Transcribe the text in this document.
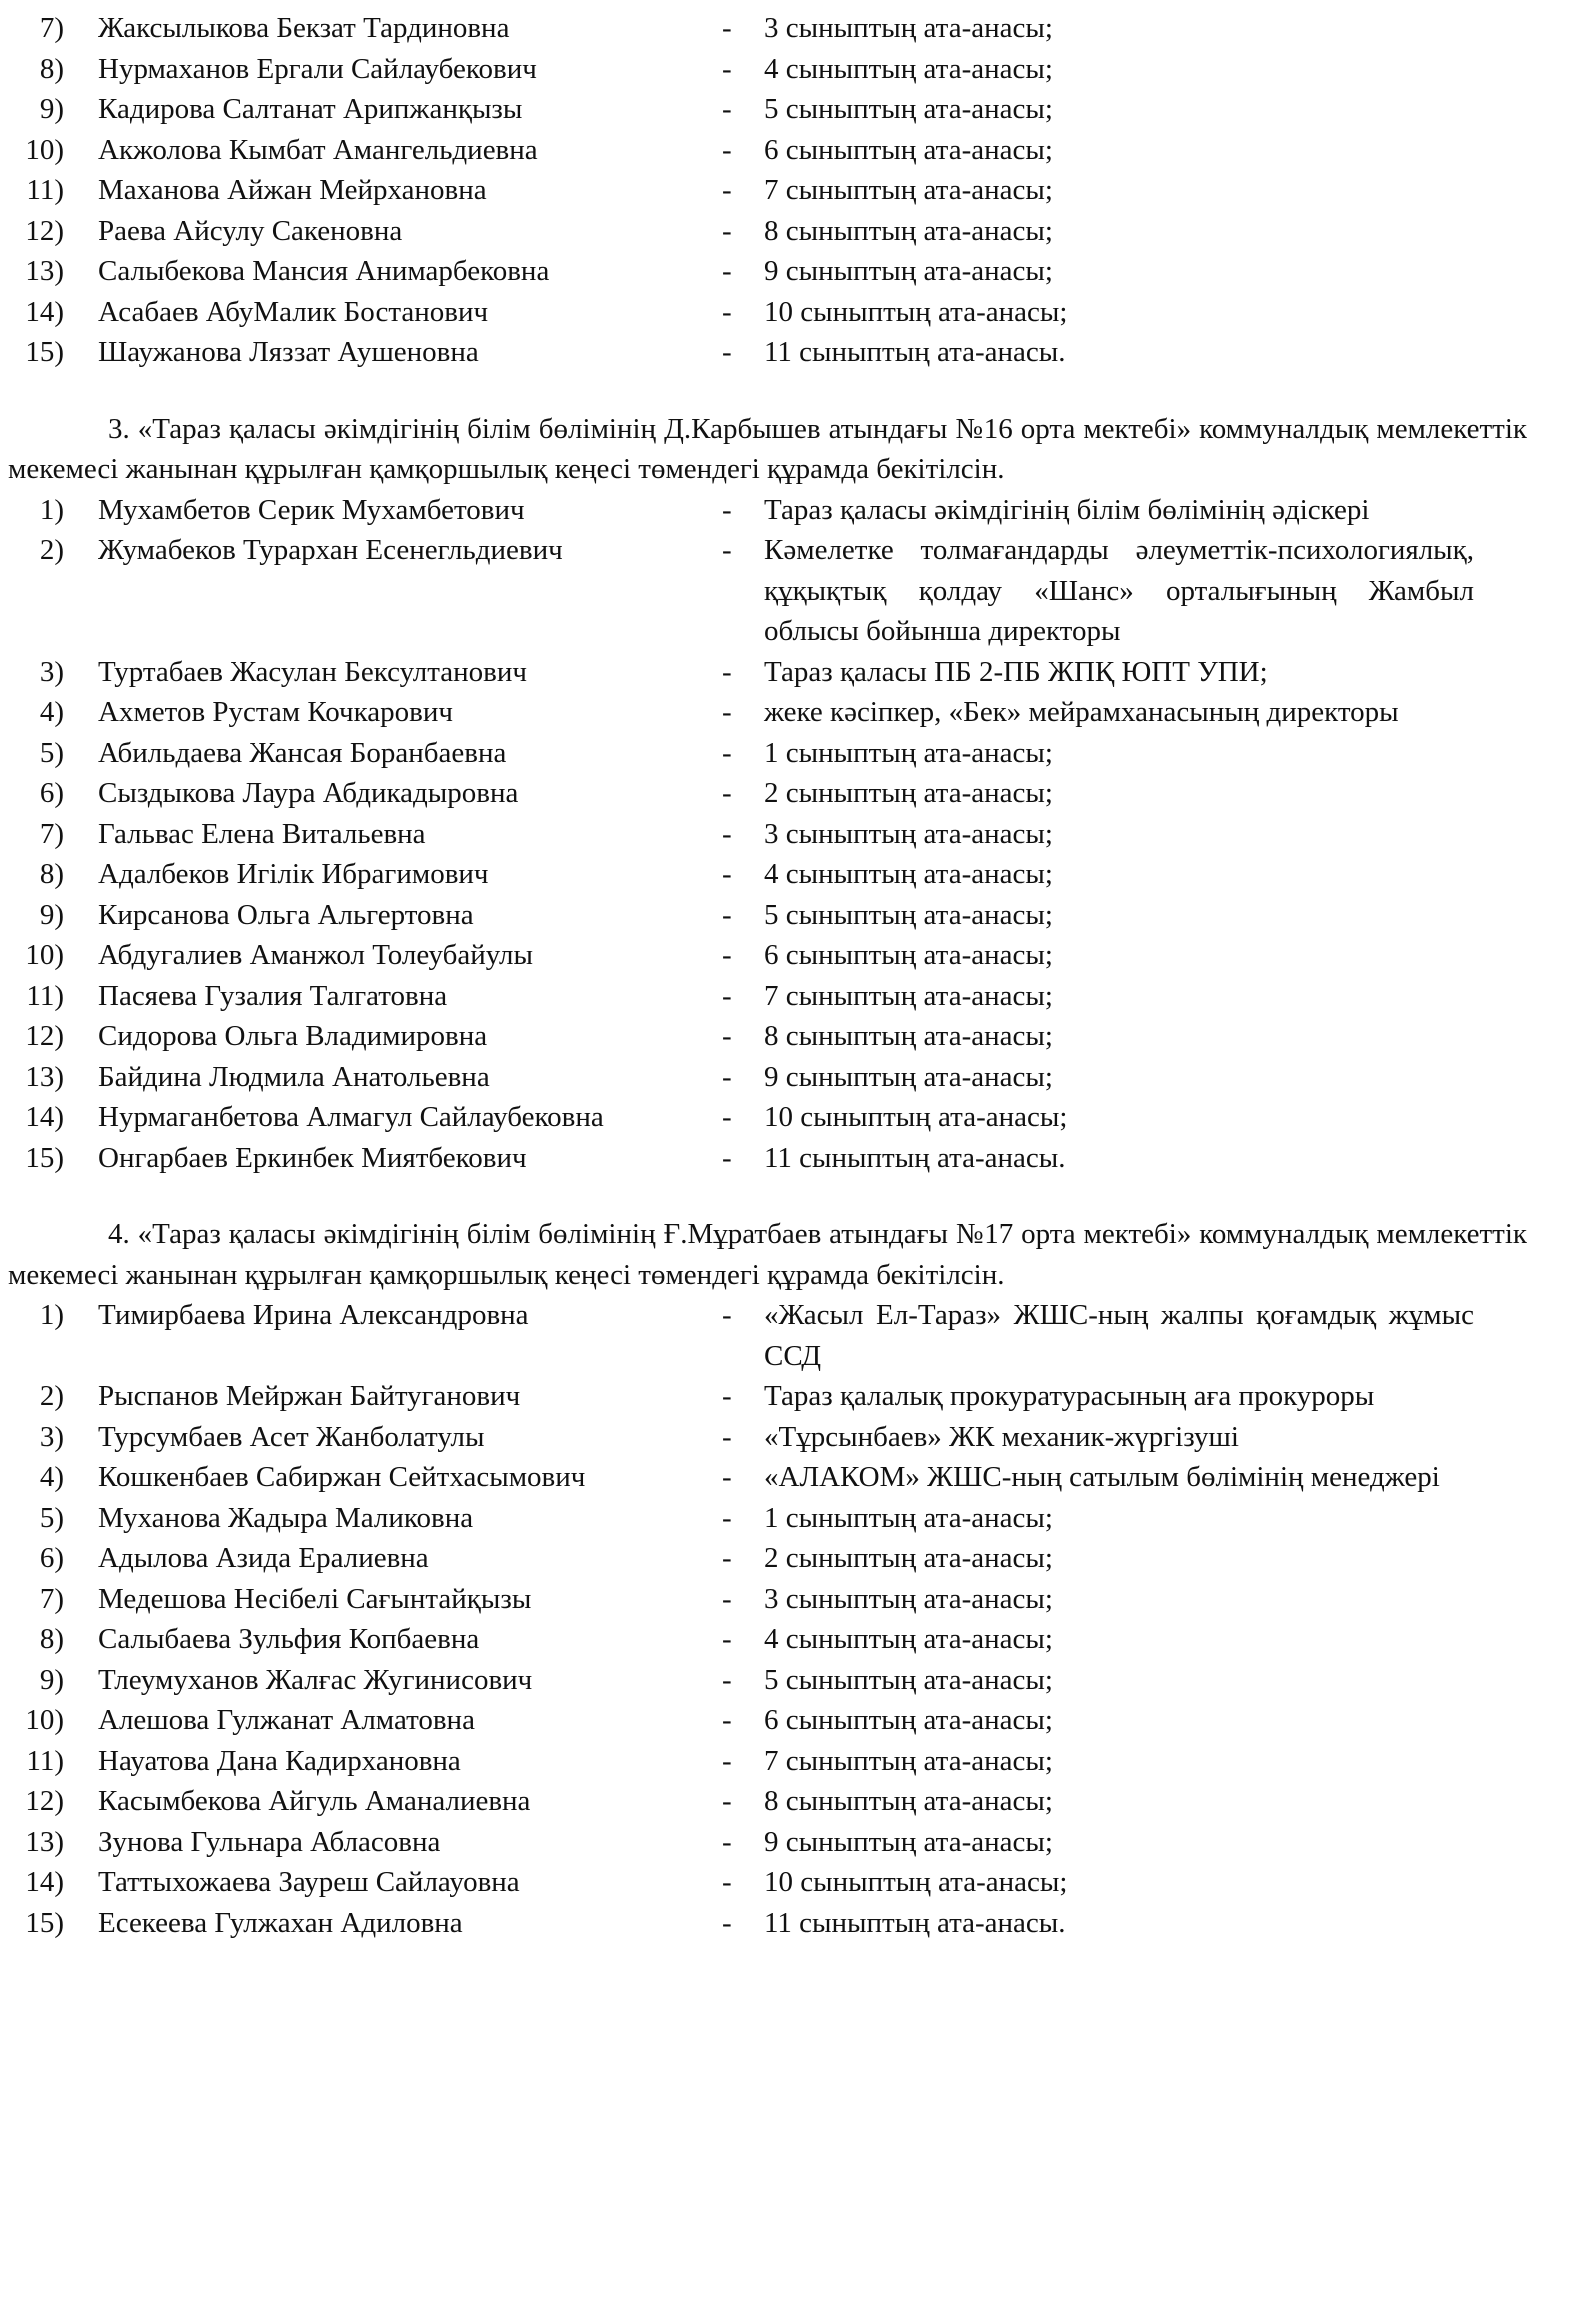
7) Жаксылыкова Бекзат Тардиновна	-	3 сыныптың ата-анасы;
8) Нурмаханов Ергали Сайлаубекович	-	4 сыныптың ата-анасы;
9) Кадирова Салтанат Арипжанқызы	-	5 сыныптың ата-анасы;
10) Акжолова Кымбат Амангельдиевна	-	6 сыныптың ата-анасы;
11) Маханова Айжан Мейрхановна	-	7 сыныптың ата-анасы;
12) Раева Айсулу Сакеновна	-	8 сыныптың ата-анасы;
13) Салыбекова Мансия Анимарбековна	-	9 сыныптың ата-анасы;
14) Асабаев АбуМалик Бостанович	-	10 сыныптың ата-анасы;
15) Шаужанова Ляззат Аушеновна	-	11 сыныптың ата-анасы.

3. «Тараз қаласы әкімдігінің білім бөлімінің Д.Карбышев атындағы №16 орта мектебі» коммуналдық мемлекеттік мекемесі жанынан құрылған қамқоршылық кеңесі төмендегі құрамда бекітілсін.

1) Мухамбетов Серик Мухамбетович	-	Тараз қаласы әкімдігінің білім бөлімінің әдіскері
2) Жумабеков Турархан Есенегльдиевич	-	Кәмелетке толмағандарды әлеуметтік-психологиялық, құқықтық қолдау «Шанс» орталығының Жамбыл облысы бойынша директоры
3) Туртабаев Жасулан Бексултанович	-	Тараз қаласы ПБ 2-ПБ ЖПҚ ЮПТ УПИ;
4) Ахметов Рустам Кочкарович	-	жеке кәсіпкер, «Бек» мейрамханасының директоры
5) Абильдаева Жансая Боранбаевна	-	1 сыныптың ата-анасы;
6) Сыздыкова Лаура Абдикадыровна	-	2 сыныптың ата-анасы;
7) Гальвас Елена Витальевна	-	3 сыныптың ата-анасы;
8) Адалбеков Игілік Ибрагимович	-	4 сыныптың ата-анасы;
9) Кирсанова Ольга Альгертовна	-	5 сыныптың ата-анасы;
10) Абдугалиев Аманжол Толеубайулы	-	6 сыныптың ата-анасы;
11) Пасяева Гузалия Талгатовна	-	7 сыныптың ата-анасы;
12) Сидорова Ольга Владимировна	-	8 сыныптың ата-анасы;
13) Байдина Людмила Анатольевна	-	9 сыныптың ата-анасы;
14) Нурмаганбетова Алмагул Сайлаубековна	-	10 сыныптың ата-анасы;
15) Онгарбаев Еркинбек Миятбекович	-	11 сыныптың ата-анасы.

4. «Тараз қаласы әкімдігінің білім бөлімінің Ғ.Мұратбаев атындағы №17 орта мектебі» коммуналдық мемлекеттік мекемесі жанынан құрылған қамқоршылық кеңесі төмендегі құрамда бекітілсін.

1) Тимирбаева Ирина Александровна	-	«Жасыл Ел-Тараз» ЖШС-ның жалпы қоғамдық жұмыс ССД
2) Рыспанов Мейржан Байтуганович	-	Тараз қалалық прокуратурасының аға прокуроры
3) Турсумбаев Асет Жанболатулы	-	«Тұрсынбаев» ЖК механик-жүргізуші
4) Кошкенбаев Сабиржан Сейтхасымович	-	«АЛАКОМ» ЖШС-ның сатылым бөлімінің менеджері
5) Муханова Жадыра Маликовна	-	1 сыныптың ата-анасы;
6) Адылова Азида Ералиевна	-	2 сыныптың ата-анасы;
7) Медешова Несібелі Сағынтайқызы	-	3 сыныптың ата-анасы;
8) Салыбаева Зульфия Копбаевна	-	4 сыныптың ата-анасы;
9) Тлеумуханов Жалғас Жугинисович	-	5 сыныптың ата-анасы;
10) Алешова Гулжанат Алматовна	-	6 сыныптың ата-анасы;
11) Науатова Дана Кадирхановна	-	7 сыныптың ата-анасы;
12) Касымбекова Айгуль Аманалиевна	-	8 сыныптың ата-анасы;
13) Зунова Гульнара Абласовна	-	9 сыныптың ата-анасы;
14) Таттыхожаева Зауреш Сайлауовна	-	10 сыныптың ата-анасы;
15) Есекеева Гулжахан Адиловна	-	11 сыныптың ата-анасы.
